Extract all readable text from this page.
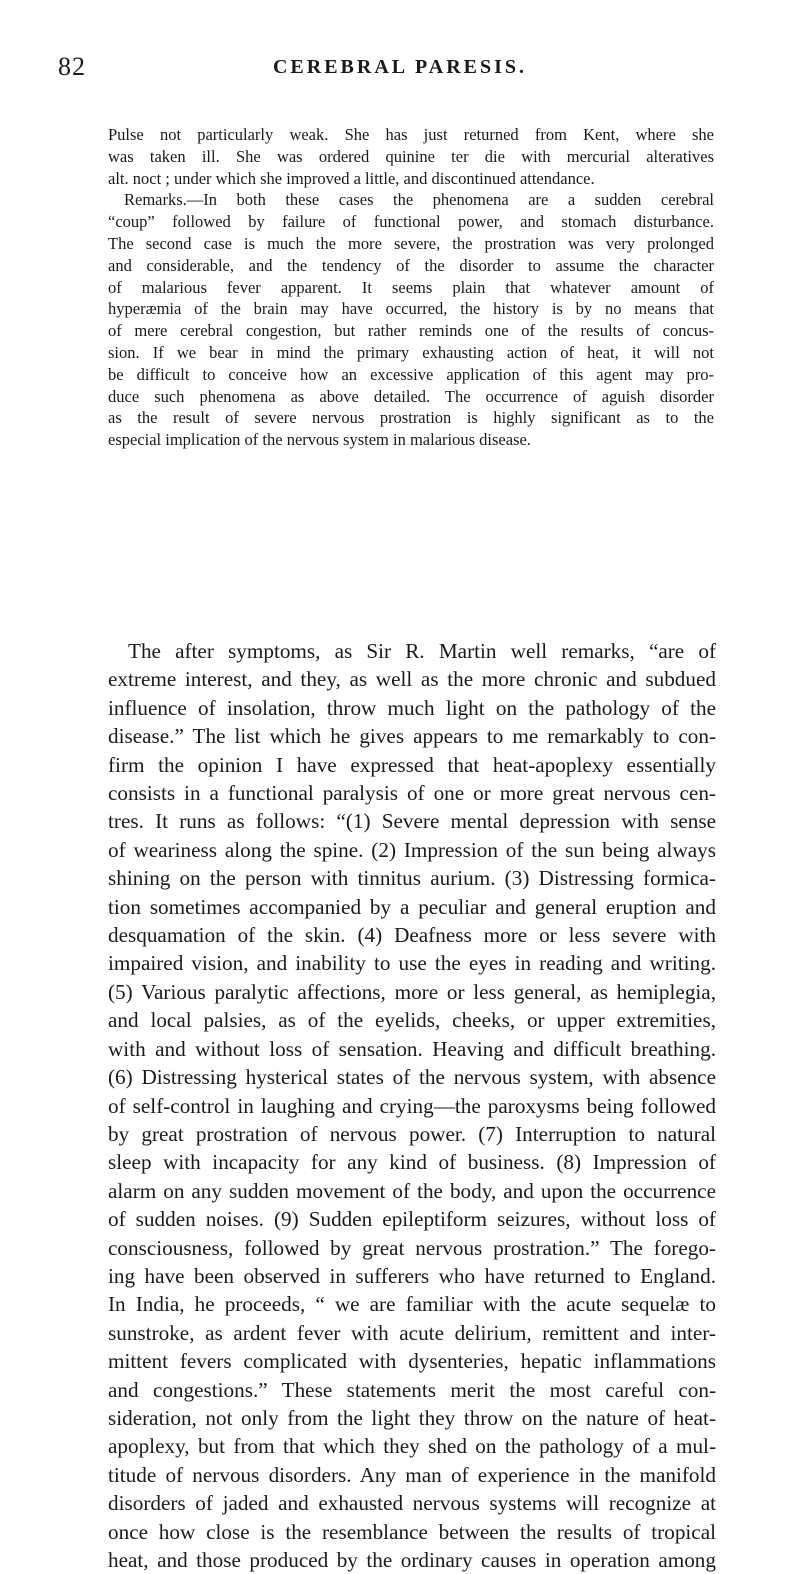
82	CEREBRAL PARESIS.
Pulse not particularly weak. She has just returned from Kent, where she
was taken ill. She was ordered quinine ter die with mercurial alteratives
alt. noct ; under which she improved a little, and discontinued attendance.
Remarks.—In both these cases the phenomena are a sudden cerebral
“coup” followed by failure of functional power, and stomach disturbance.
The second case is much the more severe, the prostration was very prolonged
and considerable, and the tendency of the disorder to assume the character
of malarious fever apparent. It seems plain that whatever amount of
hyperæmia of the brain may have occurred, the history is by no means that
of mere cerebral congestion, but rather reminds one of the results of concus-
sion. If we bear in mind the primary exhausting action of heat, it will not
be difficult to conceive how an excessive application of this agent may pro-
duce such phenomena as above detailed. The occurrence of aguish disorder
as the result of severe nervous prostration is highly significant as to the
especial implication of the nervous system in malarious disease.
The after symptoms, as Sir R. Martin well remarks, “are of
extreme interest, and they, as well as the more chronic and subdued
influence of insolation, throw much light on the pathology of the
disease.” The list which he gives appears to me remarkably to con-
firm the opinion I have expressed that heat-apoplexy essentially
consists in a functional paralysis of one or more great nervous cen-
tres. It runs as follows: “(1) Severe mental depression with sense
of weariness along the spine. (2) Impression of the sun being always
shining on the person with tinnitus aurium. (3) Distressing formica-
tion sometimes accompanied by a peculiar and general eruption and
desquamation of the skin. (4) Deafness more or less severe with
impaired vision, and inability to use the eyes in reading and writing.
(5) Various paralytic affections, more or less general, as hemiplegia,
and local palsies, as of the eyelids, cheeks, or upper extremities,
with and without loss of sensation. Heaving and difficult breathing.
(6) Distressing hysterical states of the nervous system, with absence
of self-control in laughing and crying—the paroxysms being followed
by great prostration of nervous power. (7) Interruption to natural
sleep with incapacity for any kind of business. (8) Impression of
alarm on any sudden movement of the body, and upon the occurrence
of sudden noises. (9) Sudden epileptiform seizures, without loss of
consciousness, followed by great nervous prostration.” The forego-
ing have been observed in sufferers who have returned to England.
In India, he proceeds, “ we are familiar with the acute sequelæ to
sunstroke, as ardent fever with acute delirium, remittent and inter-
mittent fevers complicated with dysenteries, hepatic inflammations
and congestions.” These statements merit the most careful con-
sideration, not only from the light they throw on the nature of heat-
apoplexy, but from that which they shed on the pathology of a mul-
titude of nervous disorders. Any man of experience in the manifold
disorders of jaded and exhausted nervous systems will recognize at
once how close is the resemblance between the results of tropical
heat, and those produced by the ordinary causes in operation among
